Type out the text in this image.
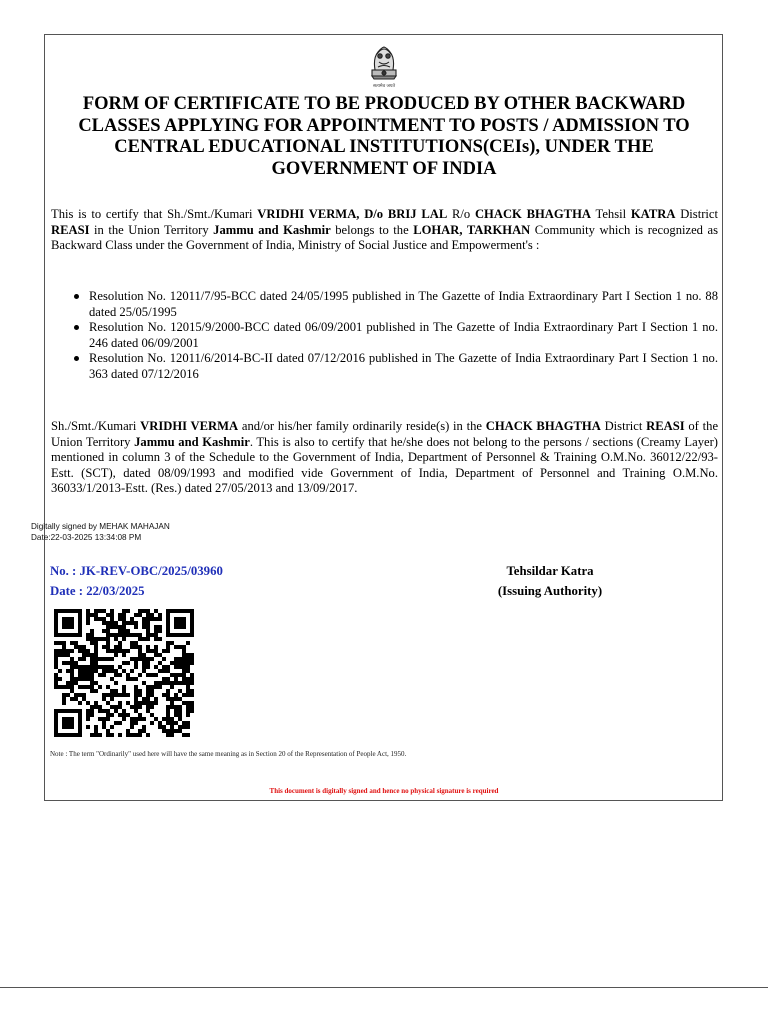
सत्यमेव जयते
FORM OF CERTIFICATE TO BE PRODUCED BY OTHER BACKWARD CLASSES APPLYING FOR APPOINTMENT TO POSTS / ADMISSION TO CENTRAL EDUCATIONAL INSTITUTIONS(CEIs), UNDER THE GOVERNMENT OF INDIA
This is to certify that Sh./Smt./Kumari VRIDHI VERMA, D/o BRIJ LAL R/o CHACK BHAGTHA Tehsil KATRA District REASI in the Union Territory Jammu and Kashmir belongs to the LOHAR, TARKHAN Community which is recognized as Backward Class under the Government of India, Ministry of Social Justice and Empowerment's :
Resolution No. 12011/7/95-BCC dated 24/05/1995 published in The Gazette of India Extraordinary Part I Section 1 no. 88 dated 25/05/1995
Resolution No. 12015/9/2000-BCC dated 06/09/2001 published in The Gazette of India Extraordinary Part I Section 1 no. 246 dated 06/09/2001
Resolution No. 12011/6/2014-BC-II dated 07/12/2016 published in The Gazette of India Extraordinary Part I Section 1 no. 363 dated 07/12/2016
Sh./Smt./Kumari VRIDHI VERMA and/or his/her family ordinarily reside(s) in the CHACK BHAGTHA District REASI of the Union Territory Jammu and Kashmir. This is also to certify that he/she does not belong to the persons / sections (Creamy Layer) mentioned in column 3 of the Schedule to the Government of India, Department of Personnel & Training O.M.No. 36012/22/93-Estt. (SCT), dated 08/09/1993 and modified vide Government of India, Department of Personnel and Training O.M.No. 36033/1/2013-Estt. (Res.) dated 27/05/2013 and 13/09/2017.
Digitally signed by MEHAK MAHAJAN
Date:22-03-2025 13:34:08 PM
No. : JK-REV-OBC/2025/03960
Date : 22/03/2025
Tehsildar Katra
(Issuing Authority)
Note : The term "Ordinarily" used here will have the same meaning as in Section 20 of the Representation of People Act, 1950.
This document is digitally signed and hence no physical signature is required
